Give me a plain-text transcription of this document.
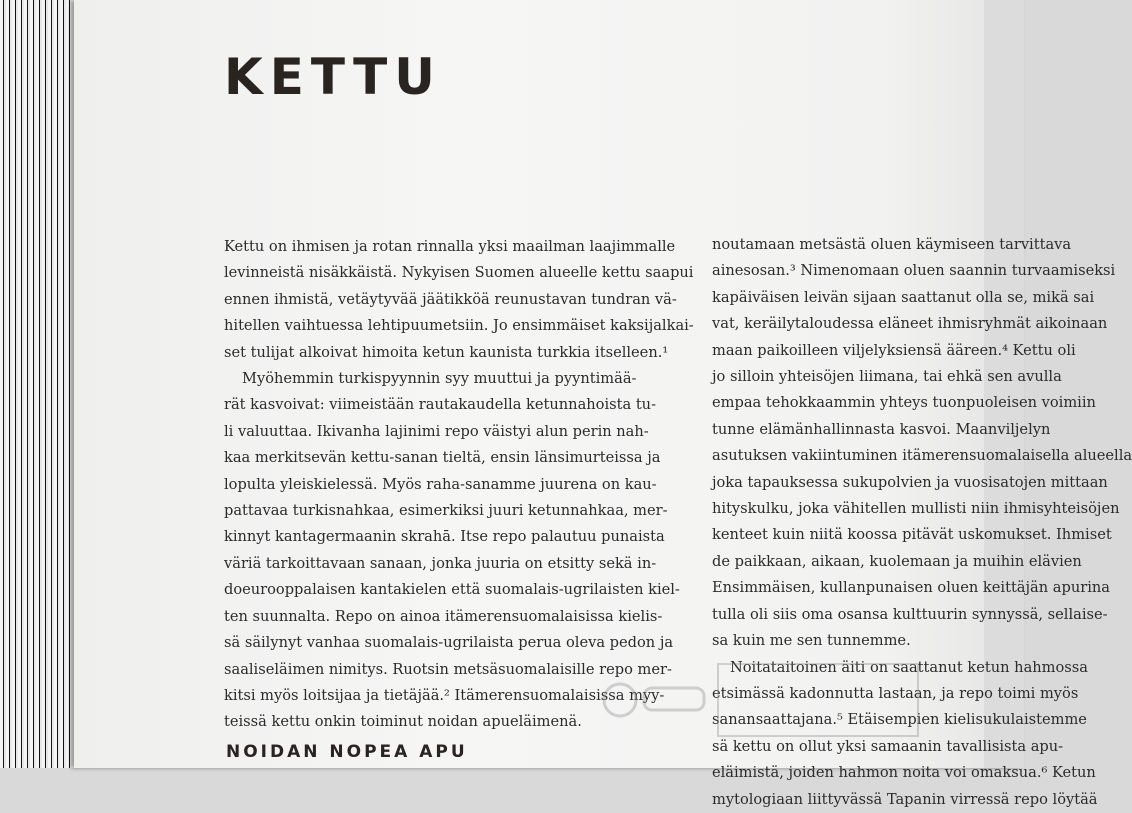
KETTU
Kettu on ihmisen ja rotan rinnalla yksi maailman laajimmalle
levinneistä nisäkkäistä. Nykyisen Suomen alueelle kettu saapui
ennen ihmistä, vetäytyvää jäätikköä reunustavan tundran vä-
hitellen vaihtuessa lehtipuumetsiin. Jo ensimmäiset kaksijalkai-
set tulijat alkoivat himoita ketun kaunista turkkia itselleen.¹
Myöhemmin turkispyynnin syy muuttui ja pyyntimää-
rät kasvoivat: viimeistään rautakaudella ketunnahoista tu-
li valuuttaa. Ikivanha lajinimi repo väistyi alun perin nah-
kaa merkitsevän kettu-sanan tieltä, ensin länsimurteissa ja
lopulta yleiskielessä. Myös raha-sanamme juurena on kau-
pattavaa turkisnahkaa, esimerkiksi juuri ketunnahkaa, mer-
kinnyt kantagermaanin skrahā. Itse repo palautuu punaista
väriä tarkoittavaan sanaan, jonka juuria on etsitty sekä in-
doeurooppalaisen kantakielen että suomalais-ugrilaisten kiel-
ten suunnalta. Repo on ainoa itämerensuomalaisissa kielis-
sä säilynyt vanhaa suomalais-ugrilaista perua oleva pedon ja
saaliseläimen nimitys. Ruotsin metsäsuomalaisille repo mer-
kitsi myös loitsijaa ja tietäjää.² Itämerensuomalaisissa myy-
teissä kettu onkin toiminut noidan apueläimenä.
noutamaan metsästä oluen käymiseen tarvittava
ainesosan.³ Nimenomaan oluen saannin turvaamiseksi
kapäiväisen leivän sijaan saattanut olla se, mikä sai
vat, keräilytaloudessa eläneet ihmisryhmät aikoinaan
maan paikoilleen viljelyksiensä ääreen.⁴ Kettu oli
jo silloin yhteisöjen liimana, tai ehkä sen avulla
empaa tehokkaammin yhteys tuonpuoleisen voimiin
tunne elämänhallinnasta kasvoi. Maanviljelyn
asutuksen vakiintuminen itämerensuomalaisella alueella
joka tapauksessa sukupolvien ja vuosisatojen mittaan
hityskulku, joka vähitellen mullisti niin ihmisyhteisöjen
kenteet kuin niitä koossa pitävät uskomukset. Ihmiset
de paikkaan, aikaan, kuolemaan ja muihin elävien
Ensimmäisen, kullanpunaisen oluen keittäjän apurina
tulla oli siis oma osansa kulttuurin synnyssä, sellaise-
sa kuin me sen tunnemme.
Noitataitoinen äiti on saattanut ketun hahmossa
etsimässä kadonnutta lastaan, ja repo toimi myös
sanansaattajana.⁵ Etäisempien kielisukulaistemme
sä kettu on ollut yksi samaanin tavallisista apu-
eläimistä, joiden hahmon noita voi omaksua.⁶ Ketun
mytologiaan liittyvässä Tapanin virressä repo löytää
NOIDAN NOPEA APU
